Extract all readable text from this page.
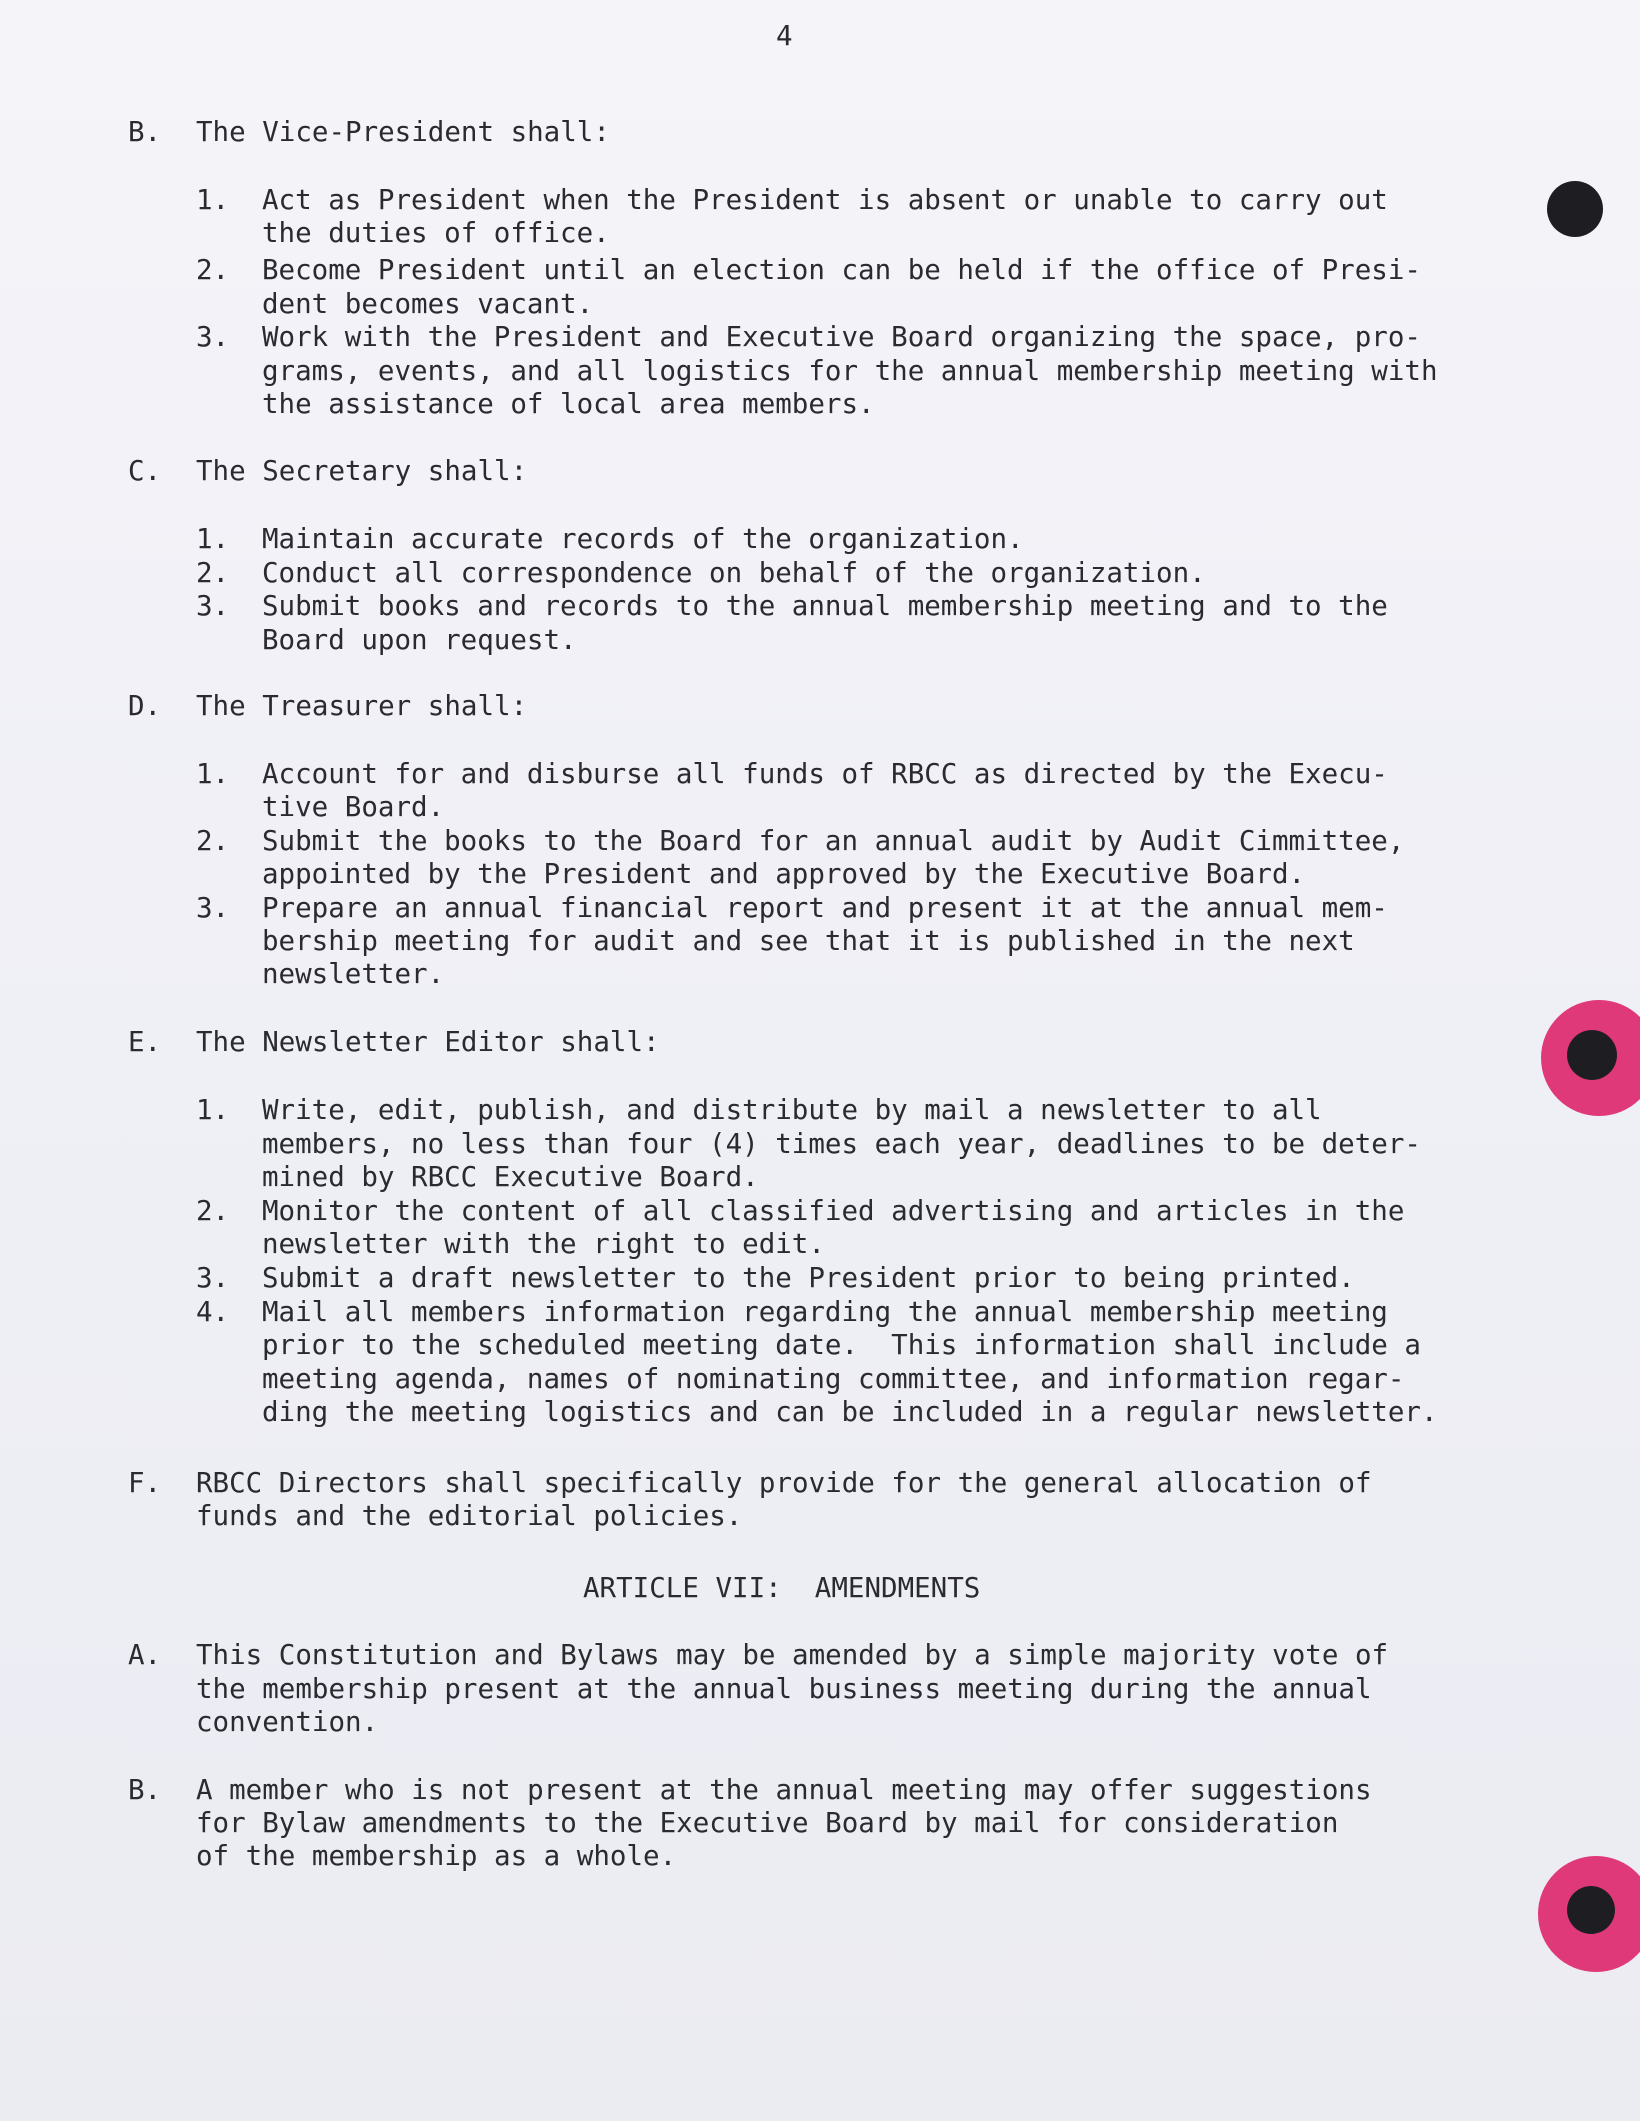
4

B. The Vice-President shall:

1. Act as President when the President is absent or unable to carry out

the duties of office.

2. Become President until an election can be held if the office of Presi-

dent becomes vacant.

3. Work with the President and Executive Board organizing the space, pro-

grams, events, and all logistics for the annual membership meeting with

the assistance of local area members.

C. The Secretary shall:

1. Maintain accurate records of the organization.

2. Conduct all correspondence on behalf of the organization.

3. Submit books and records to the annual membership meeting and to the

Board upon request.

D. The Treasurer shall:

1. Account for and disburse all funds of RBCC as directed by the Execu-

tive Board.

2. Submit the books to the Board for an annual audit by Audit Cimmittee,

appointed by the President and approved by the Executive Board.

3. Prepare an annual financial report and present it at the annual mem-

bership meeting for audit and see that it is published in the next

newsletter.

E. The Newsletter Editor shall:

1. Write, edit, publish, and distribute by mail a newsletter to all

members, no less than four (4) times each year, deadlines to be deter-

mined by RBCC Executive Board.

2. Monitor the content of all classified advertising and articles in the

newsletter with the right to edit.

3. Submit a draft newsletter to the President prior to being printed.

4. Mail all members information regarding the annual membership meeting

prior to the scheduled meeting date.  This information shall include a

meeting agenda, names of nominating committee, and information regar-

ding the meeting logistics and can be included in a regular newsletter.

F. RBCC Directors shall specifically provide for the general allocation of

funds and the editorial policies.

ARTICLE VII:  AMENDMENTS

A. This Constitution and Bylaws may be amended by a simple majority vote of

the membership present at the annual business meeting during the annual

convention.

B. A member who is not present at the annual meeting may offer suggestions

for Bylaw amendments to the Executive Board by mail for consideration

of the membership as a whole.
